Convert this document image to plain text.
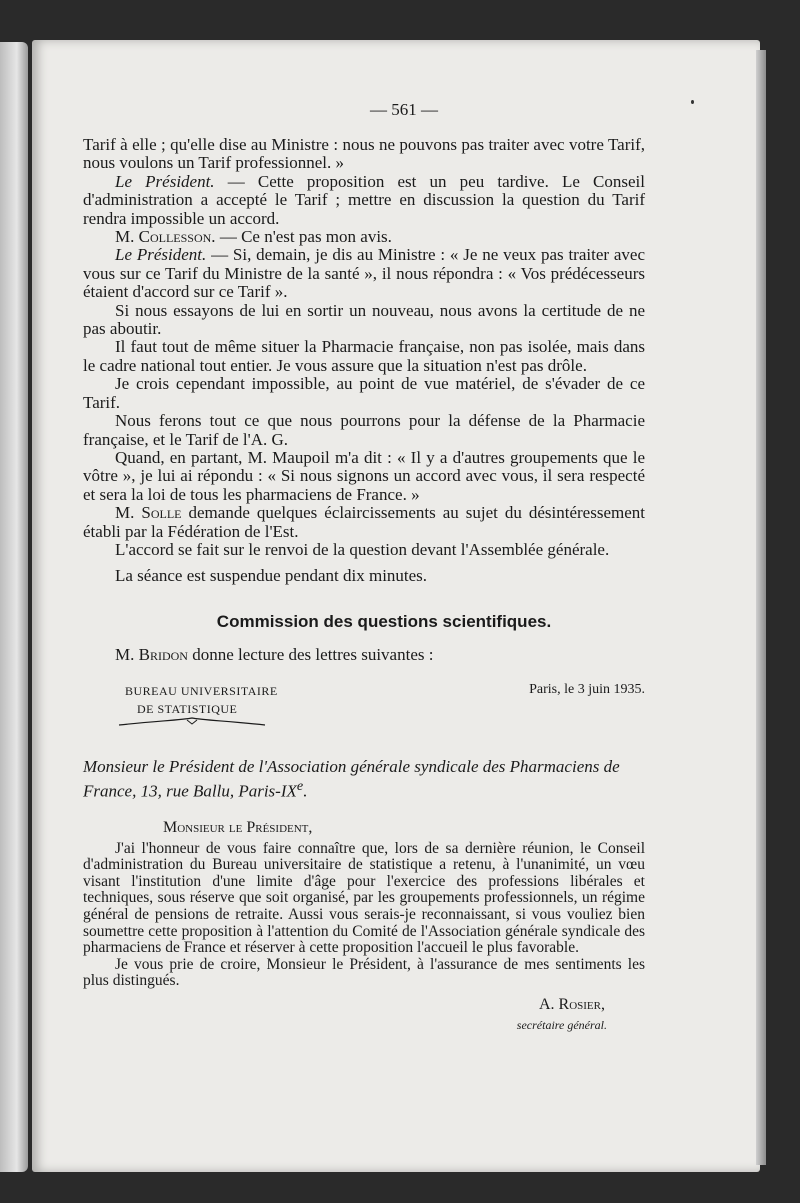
— 561 —

Tarif à elle ; qu'elle dise au Ministre : nous ne pouvons pas traiter avec votre Tarif, nous voulons un Tarif professionnel. »

Le Président. — Cette proposition est un peu tardive. Le Conseil d'administration a accepté le Tarif ; mettre en discussion la question du Tarif rendra impossible un accord.

M. Collesson. — Ce n'est pas mon avis.

Le Président. — Si, demain, je dis au Ministre : « Je ne veux pas traiter avec vous sur ce Tarif du Ministre de la santé », il nous répondra : « Vos prédécesseurs étaient d'accord sur ce Tarif ».

Si nous essayons de lui en sortir un nouveau, nous avons la certitude de ne pas aboutir.

Il faut tout de même situer la Pharmacie française, non pas isolée, mais dans le cadre national tout entier. Je vous assure que la situation n'est pas drôle.

Je crois cependant impossible, au point de vue matériel, de s'évader de ce Tarif.

Nous ferons tout ce que nous pourrons pour la défense de la Pharmacie française, et le Tarif de l'A. G.

Quand, en partant, M. Maupoil m'a dit : « Il y a d'autres groupements que le vôtre », je lui ai répondu : « Si nous signons un accord avec vous, il sera respecté et sera la loi de tous les pharmaciens de France. »

M. Solle demande quelques éclaircissements au sujet du désintéressement établi par la Fédération de l'Est.

L'accord se fait sur le renvoi de la question devant l'Assemblée générale.

La séance est suspendue pendant dix minutes.

Commission des questions scientifiques.

M. Bridon donne lecture des lettres suivantes :

BUREAU UNIVERSITAIRE
DE STATISTIQUE
Paris, le 3 juin 1935.

Monsieur le Président de l'Association générale syndicale des Pharmaciens de France, 13, rue Ballu, Paris-IXe.

Monsieur le Président,

J'ai l'honneur de vous faire connaître que, lors de sa dernière réunion, le Conseil d'administration du Bureau universitaire de statistique a retenu, à l'unanimité, un vœu visant l'institution d'une limite d'âge pour l'exercice des professions libérales et techniques, sous réserve que soit organisé, par les groupements professionnels, un régime général de pensions de retraite. Aussi vous serais-je reconnaissant, si vous vouliez bien soumettre cette proposition à l'attention du Comité de l'Association générale syndicale des pharmaciens de France et réserver à cette proposition l'accueil le plus favorable.

Je vous prie de croire, Monsieur le Président, à l'assurance de mes sentiments les plus distingués.

A. Rosier,
secrétaire général.
